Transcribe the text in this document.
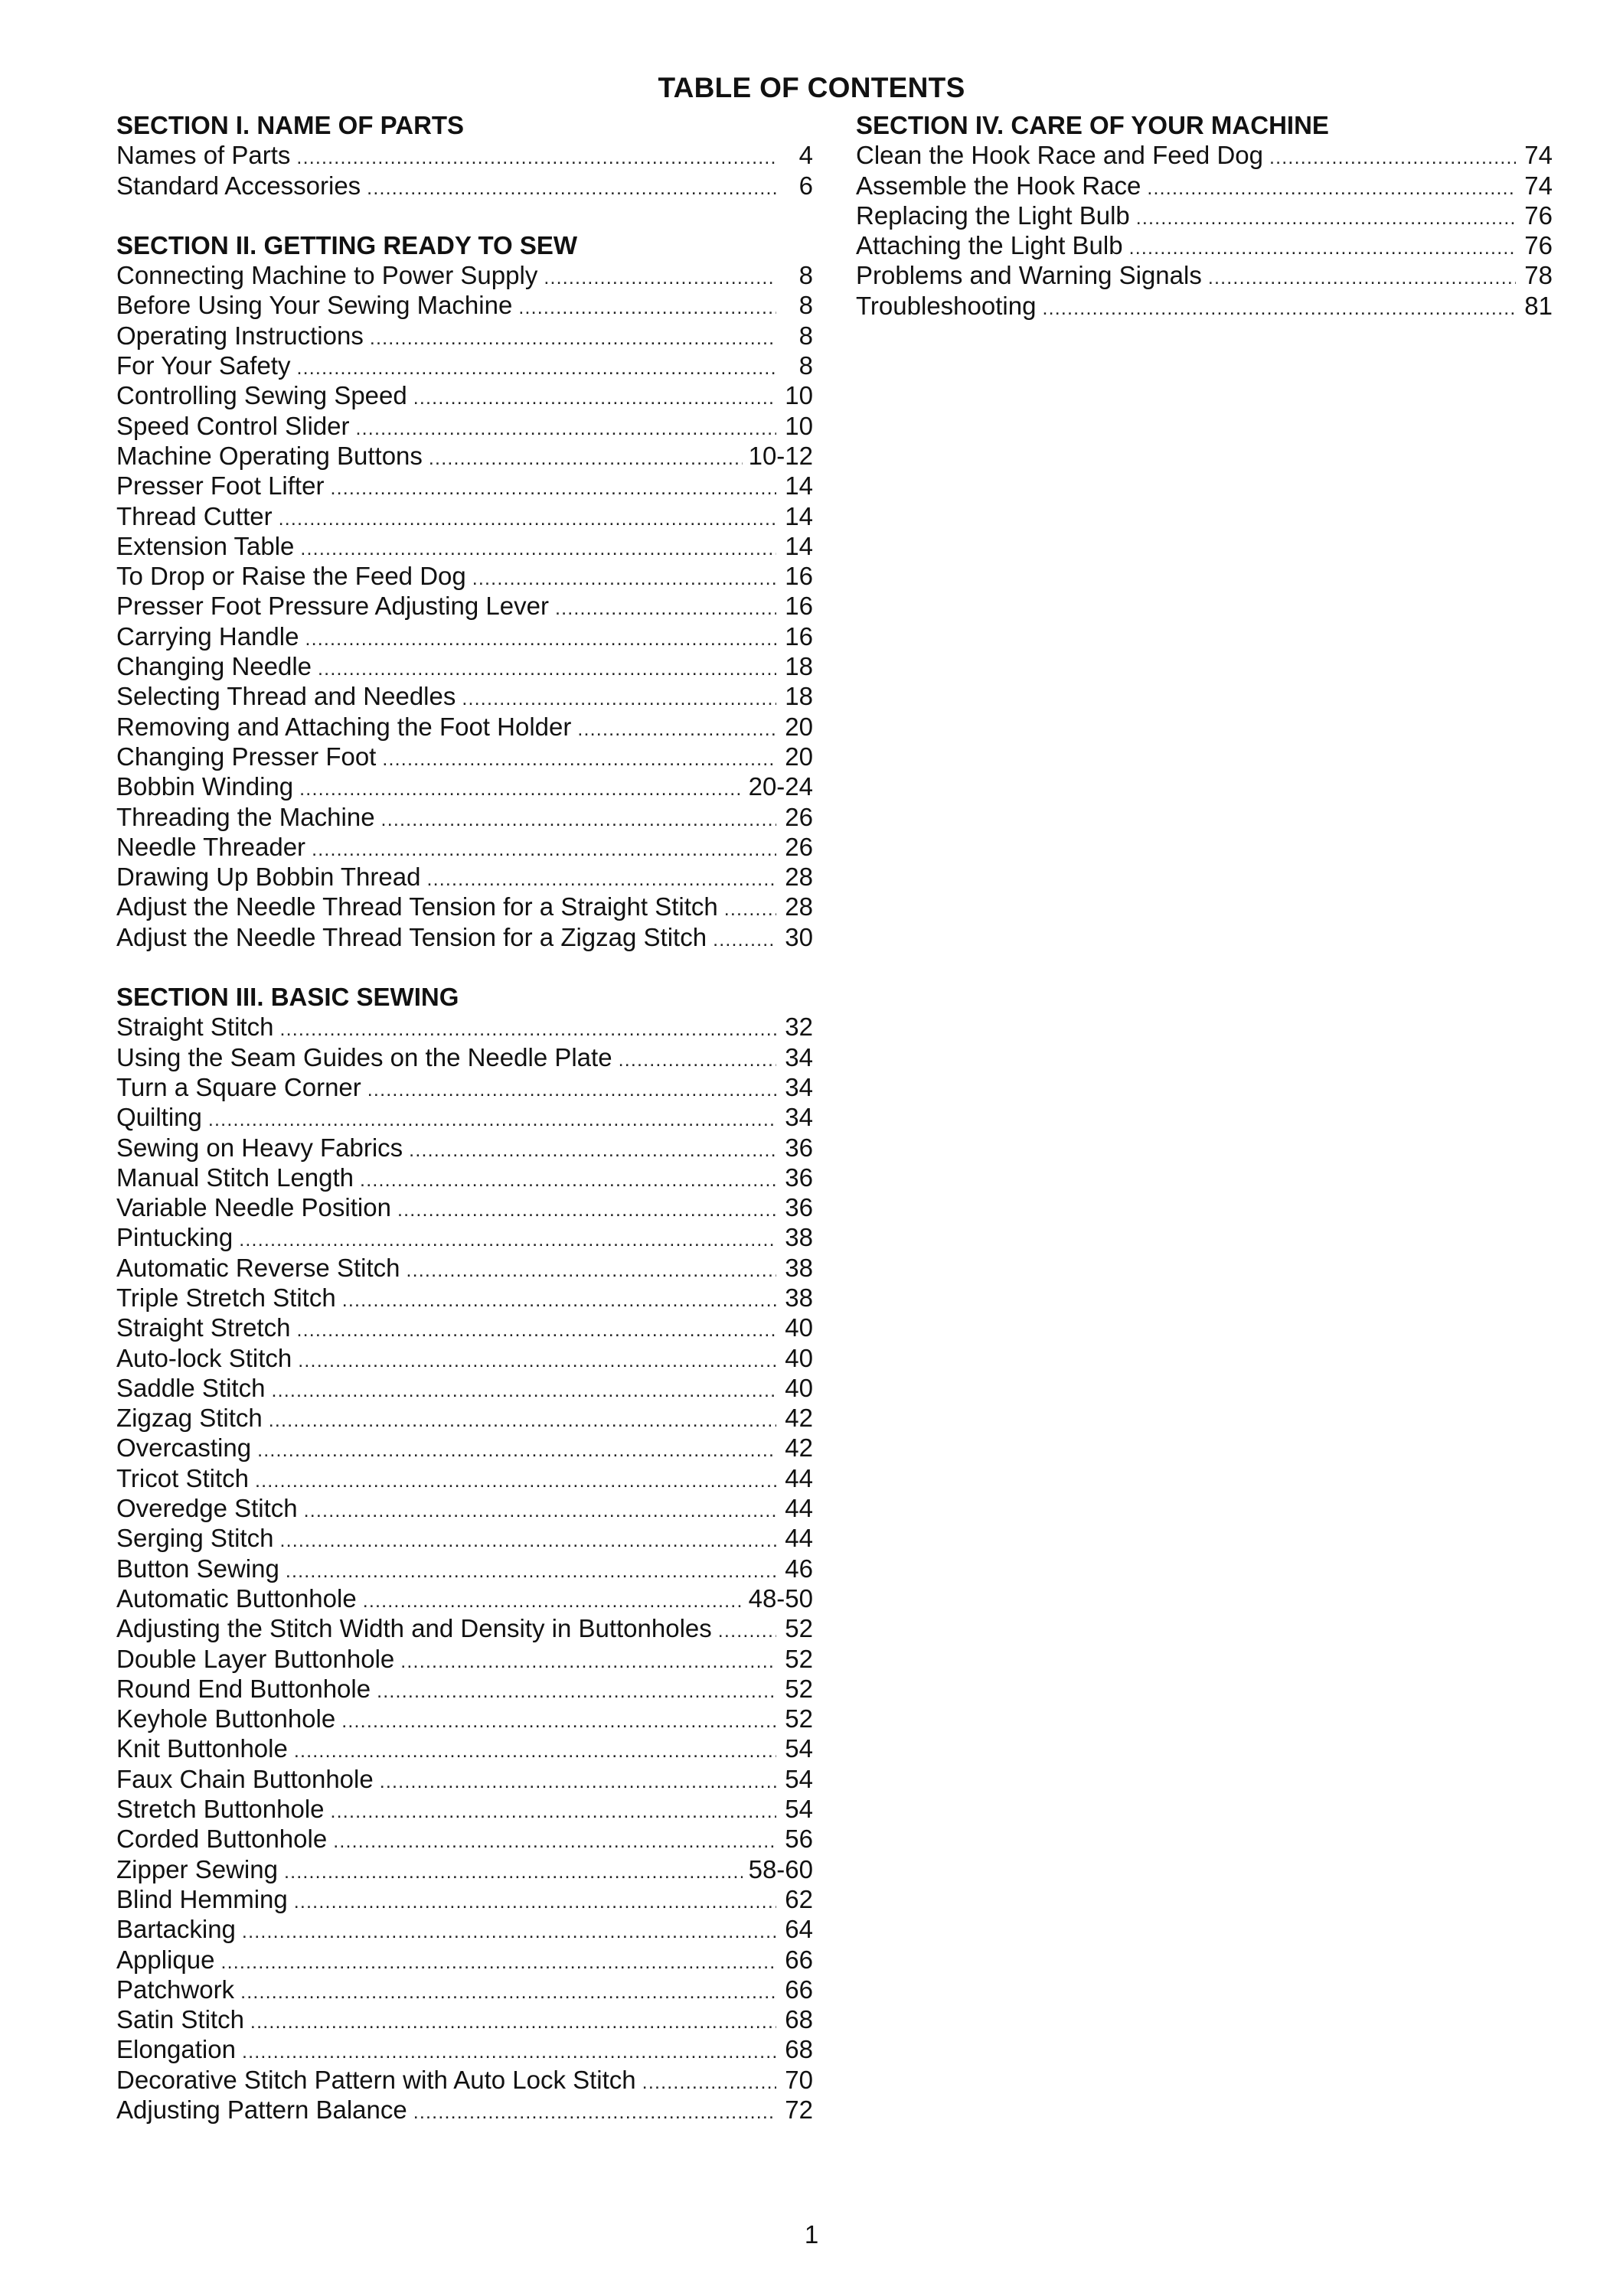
TABLE OF CONTENTS
SECTION I. NAME OF PARTS
Names of Parts .....	4
Standard Accessories .....	6
SECTION II. GETTING READY TO SEW
Connecting Machine to Power Supply .....	8
Before Using Your Sewing Machine .....	8
Operating Instructions .....	8
For Your Safety .....	8
Controlling Sewing Speed .....	10
Speed Control Slider .....	10
Machine Operating Buttons .....	10-12
Presser Foot Lifter .....	14
Thread Cutter .....	14
Extension Table .....	14
To Drop or Raise the Feed Dog .....	16
Presser Foot Pressure Adjusting Lever .....	16
Carrying Handle .....	16
Changing Needle .....	18
Selecting Thread and Needles .....	18
Removing and Attaching the Foot Holder .....	20
Changing Presser Foot .....	20
Bobbin Winding .....	20-24
Threading the Machine .....	26
Needle Threader .....	26
Drawing Up Bobbin Thread .....	28
Adjust the Needle Thread Tension for a Straight Stitch .....	28
Adjust the Needle Thread Tension for a Zigzag Stitch .....	30
SECTION III. BASIC SEWING
Straight Stitch .....	32
Using the Seam Guides on the Needle Plate .....	34
Turn a Square Corner .....	34
Quilting .....	34
Sewing on Heavy Fabrics .....	36
Manual Stitch Length .....	36
Variable Needle Position .....	36
Pintucking .....	38
Automatic Reverse Stitch .....	38
Triple Stretch Stitch .....	38
Straight Stretch .....	40
Auto-lock Stitch .....	40
Saddle Stitch .....	40
Zigzag Stitch .....	42
Overcasting .....	42
Tricot Stitch .....	44
Overedge Stitch .....	44
Serging Stitch .....	44
Button Sewing .....	46
Automatic Buttonhole .....	48-50
Adjusting the Stitch Width and Density in Buttonholes .....	52
Double Layer Buttonhole .....	52
Round End Buttonhole .....	52
Keyhole Buttonhole .....	52
Knit Buttonhole .....	54
Faux Chain Buttonhole .....	54
Stretch Buttonhole .....	54
Corded Buttonhole .....	56
Zipper Sewing .....	58-60
Blind Hemming .....	62
Bartacking .....	64
Applique .....	66
Patchwork .....	66
Satin Stitch .....	68
Elongation .....	68
Decorative Stitch Pattern with Auto Lock Stitch .....	70
Adjusting Pattern Balance .....	72
SECTION IV. CARE OF YOUR MACHINE
Clean the Hook Race and Feed Dog .....	74
Assemble the Hook Race .....	74
Replacing the Light Bulb .....	76
Attaching the Light Bulb .....	76
Problems and Warning Signals .....	78
Troubleshooting .....	81
1
